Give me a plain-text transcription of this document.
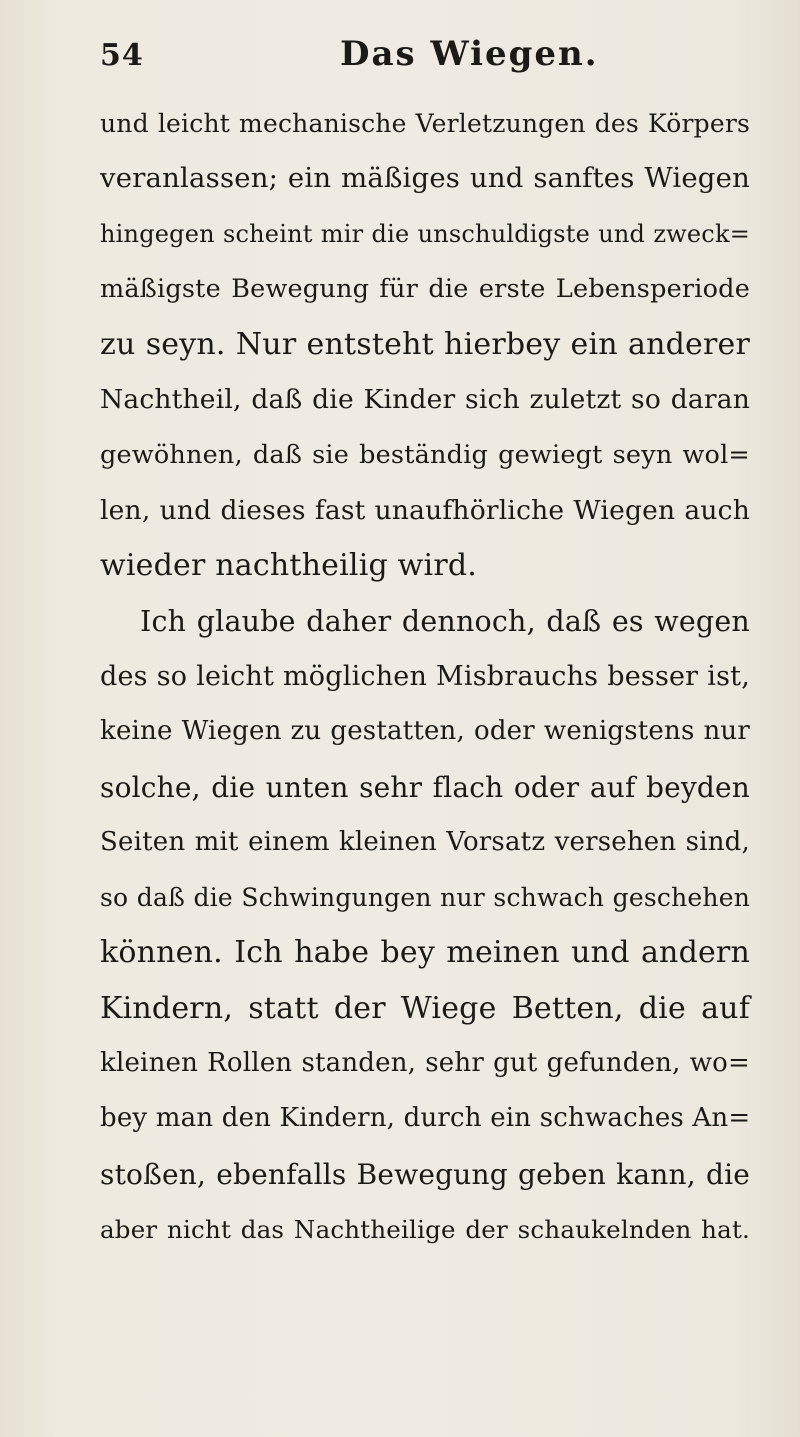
54	Das Wiegen.
und leicht mechanische Verletzungen des Körpers
veranlassen; ein mäßiges und sanftes Wiegen
hingegen scheint mir die unschuldigste und zweck=
mäßigste Bewegung für die erste Lebensperiode
zu seyn. Nur entsteht hierbey ein anderer
Nachtheil, daß die Kinder sich zuletzt so daran
gewöhnen, daß sie beständig gewiegt seyn wol=
len, und dieses fast unaufhörliche Wiegen auch
wieder nachtheilig wird.
Ich glaube daher dennoch, daß es wegen
des so leicht möglichen Misbrauchs besser ist,
keine Wiegen zu gestatten, oder wenigstens nur
solche, die unten sehr flach oder auf beyden
Seiten mit einem kleinen Vorsatz versehen sind,
so daß die Schwingungen nur schwach geschehen
können. Ich habe bey meinen und andern
Kindern, statt der Wiege Betten, die auf
kleinen Rollen standen, sehr gut gefunden, wo=
bey man den Kindern, durch ein schwaches An=
stoßen, ebenfalls Bewegung geben kann, die
aber nicht das Nachtheilige der schaukelnden hat.
